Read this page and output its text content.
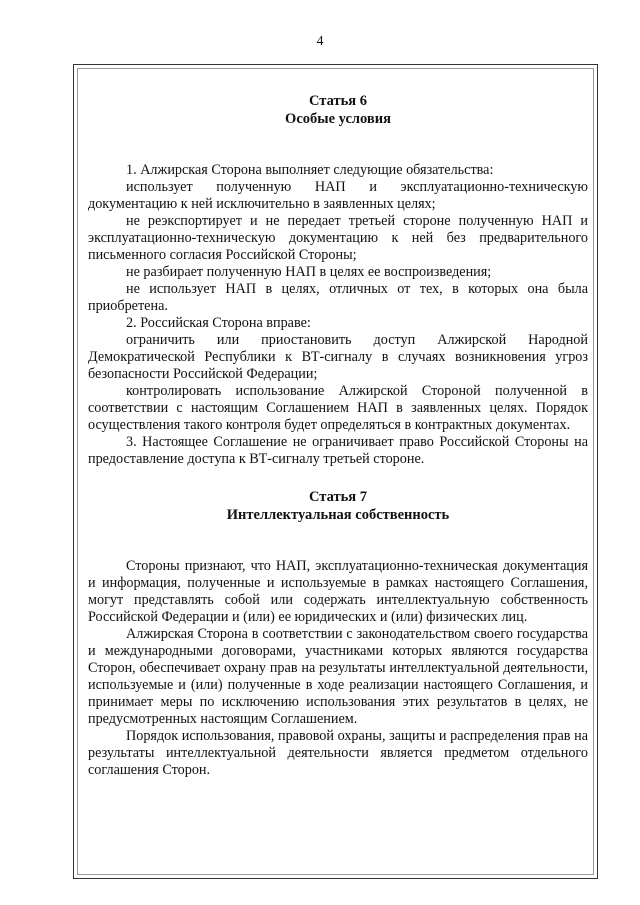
4
Статья 6
Особые условия

1. Алжирская Сторона выполняет следующие обязательства:

использует полученную НАП и эксплуатационно-техническую документацию к ней исключительно в заявленных целях;

не реэкспортирует и не передает третьей стороне полученную НАП и эксплуатационно-техническую документацию к ней без предварительного письменного согласия Российской Стороны;

не разбирает полученную НАП в целях ее воспроизведения;

не использует НАП в целях, отличных от тех, в которых она была приобретена.

2. Российская Сторона вправе:

ограничить или приостановить доступ Алжирской Народной Демократической Республики к ВТ-сигналу в случаях возникновения угроз безопасности Российской Федерации;

контролировать использование Алжирской Стороной полученной в соответствии с настоящим Соглашением НАП в заявленных целях. Порядок осуществления такого контроля будет определяться в контрактных документах.

3. Настоящее Соглашение не ограничивает право Российской Стороны на предоставление доступа к ВТ-сигналу третьей стороне.

Статья 7
Интеллектуальная собственность

Стороны признают, что НАП, эксплуатационно-техническая документация и информация, полученные и используемые в рамках настоящего Соглашения, могут представлять собой или содержать интеллектуальную собственность Российской Федерации и (или) ее юридических и (или) физических лиц.

Алжирская Сторона в соответствии с законодательством своего государства и международными договорами, участниками которых являются государства Сторон, обеспечивает охрану прав на результаты интеллектуальной деятельности, используемые и (или) полученные в ходе реализации настоящего Соглашения, и принимает меры по исключению использования этих результатов в целях, не предусмотренных настоящим Соглашением.

Порядок использования, правовой охраны, защиты и распределения прав на результаты интеллектуальной деятельности является предметом отдельного соглашения Сторон.
